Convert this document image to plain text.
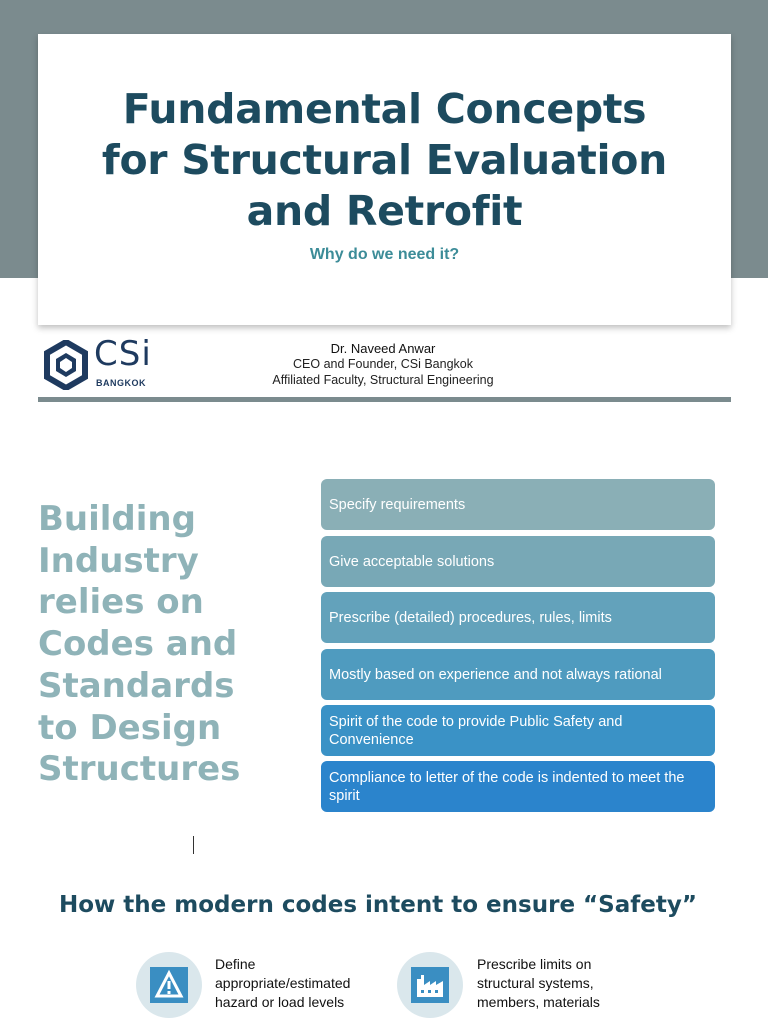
Fundamental Concepts
for Structural Evaluation
and Retrofit
Why do we need it?
CSi
BANGKOK
Dr. Naveed Anwar
CEO and Founder, CSi Bangkok
Affiliated Faculty, Structural Engineering
Building
Industry
relies on
Codes and
Standards
to Design
Structures
Specify requirements
Give acceptable solutions
Prescribe (detailed) procedures, rules, limits
Mostly based on experience and not always rational
Spirit of the code to provide Public Safety and Convenience
Compliance to letter of the code is indented to meet the spirit
How the modern codes intent to ensure “Safety”
Define appropriate/estimated hazard or load levels
Prescribe limits on structural systems, members, materials
